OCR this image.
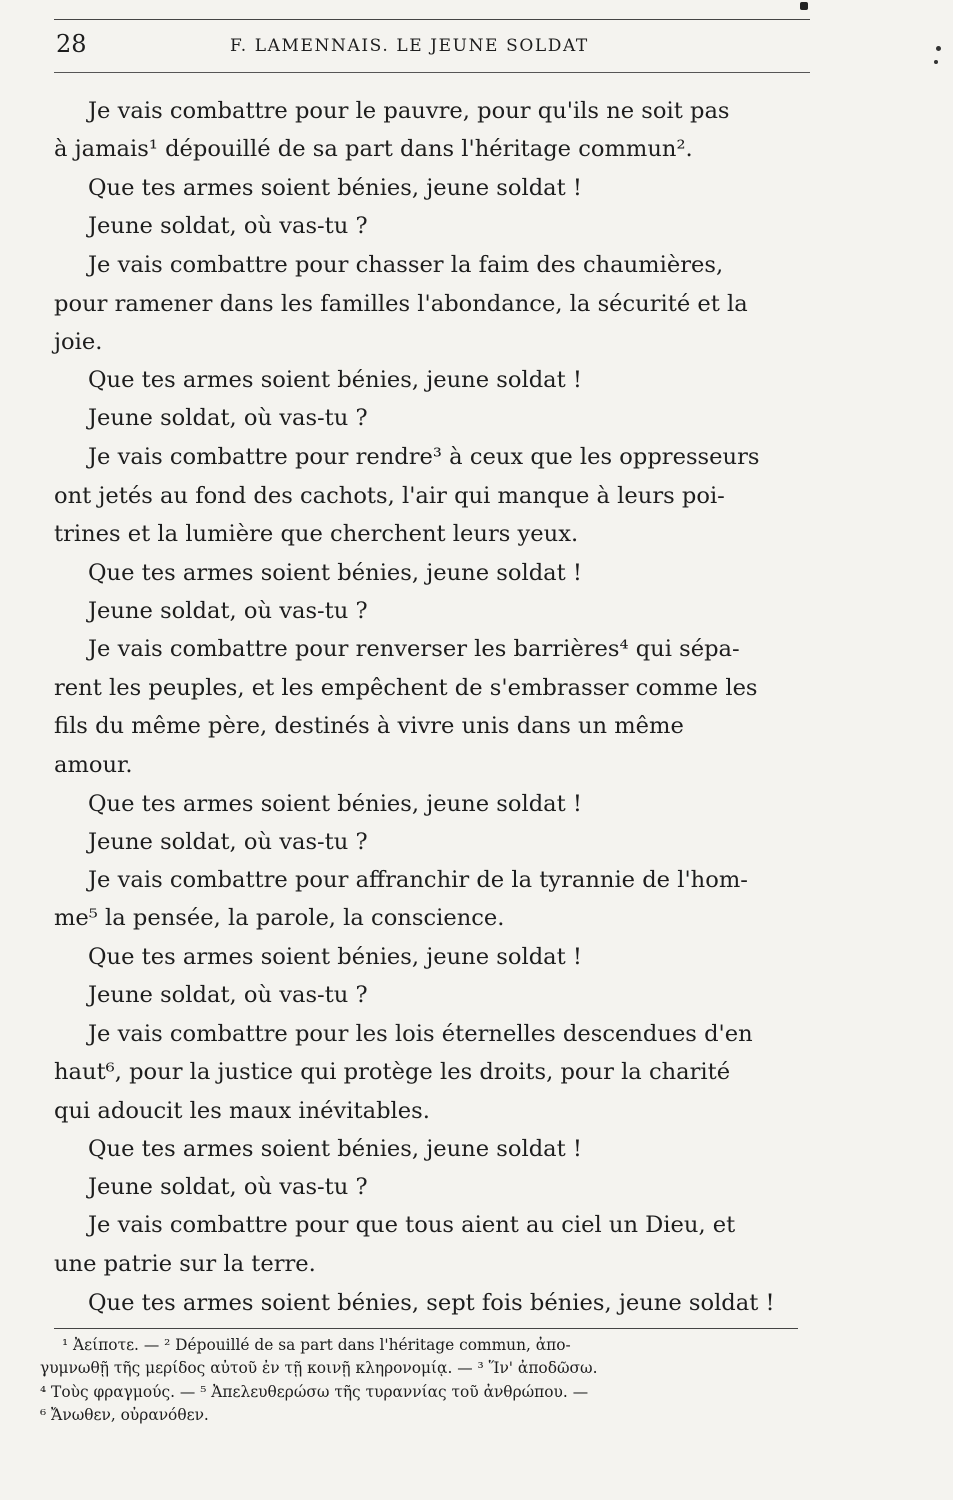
28	F. LAMENNAIS. LE JEUNE SOLDAT
Je vais combattre pour le pauvre, pour qu'ils ne soit pas
à jamais¹ dépouillé de sa part dans l'héritage commun².
Que tes armes soient bénies, jeune soldat !
Jeune soldat, où vas-tu ?
Je vais combattre pour chasser la faim des chaumières,
pour ramener dans les familles l'abondance, la sécurité et la
joie.
Que tes armes soient bénies, jeune soldat !
Jeune soldat, où vas-tu ?
Je vais combattre pour rendre³ à ceux que les oppresseurs
ont jetés au fond des cachots, l'air qui manque à leurs poi-
trines et la lumière que cherchent leurs yeux.
Que tes armes soient bénies, jeune soldat !
Jeune soldat, où vas-tu ?
Je vais combattre pour renverser les barrières⁴ qui sépa-
rent les peuples, et les empêchent de s'embrasser comme les
fils du même père, destinés à vivre unis dans un même
amour.
Que tes armes soient bénies, jeune soldat !
Jeune soldat, où vas-tu ?
Je vais combattre pour affranchir de la tyrannie de l'hom-
me⁵ la pensée, la parole, la conscience.
Que tes armes soient bénies, jeune soldat !
Jeune soldat, où vas-tu ?
Je vais combattre pour les lois éternelles descendues d'en
haut⁶, pour la justice qui protège les droits, pour la charité
qui adoucit les maux inévitables.
Que tes armes soient bénies, jeune soldat !
Jeune soldat, où vas-tu ?
Je vais combattre pour que tous aient au ciel un Dieu, et
une patrie sur la terre.
Que tes armes soient bénies, sept fois bénies, jeune soldat !
¹ Ἀείποτε. — ² Dépouillé de sa part dans l'héritage commun, ἀπο-
γυμνωθῇ τῆς μερίδος αὐτοῦ ἐν τῇ κοινῇ κληρονομίᾳ. — ³ Ἵν' ἀποδῶσω.
⁴ Τοὺς φραγμούς. — ⁵ Ἀπελευθερώσω τῆς τυραννίας τοῦ ἀνθρώπου. —
⁶ Ἄνωθεν, οὐρανόθεν.
